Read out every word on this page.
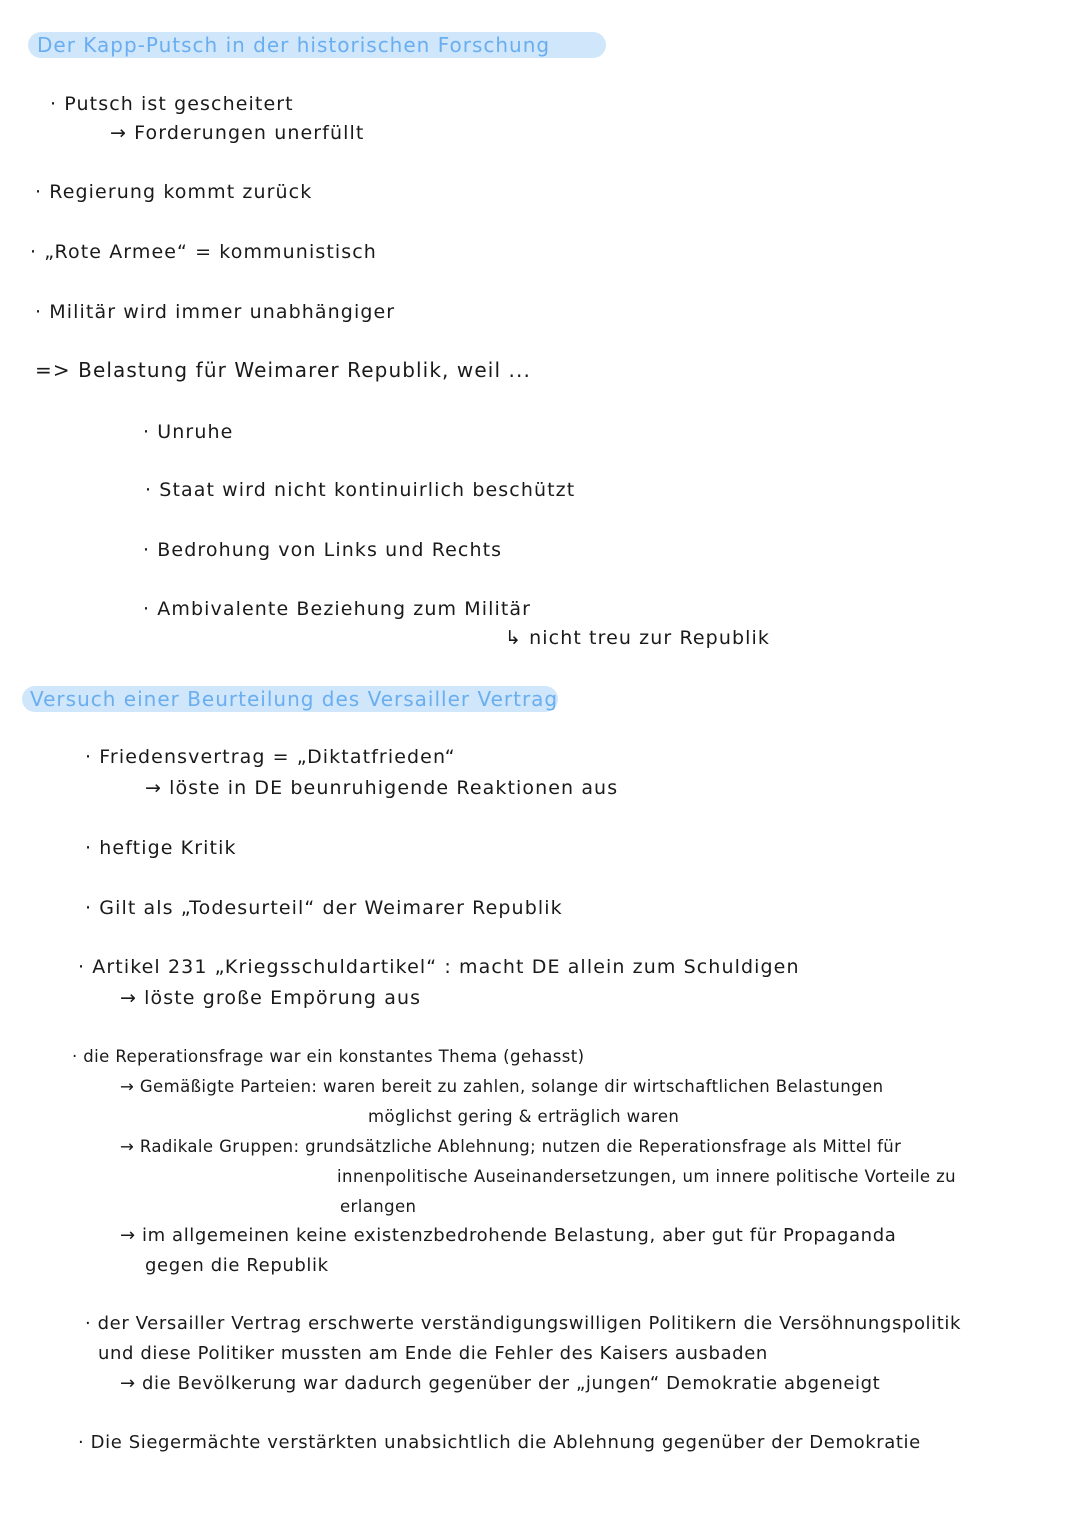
Der Kapp-Putsch in der historischen Forschung
· Putsch ist gescheitert
→ Forderungen unerfüllt
· Regierung kommt zurück
· „Rote Armee“ = kommunistisch
· Militär wird immer unabhängiger
=> Belastung für Weimarer Republik, weil ...
· Unruhe
· Staat wird nicht kontinuirlich beschützt
· Bedrohung von Links und Rechts
· Ambivalente Beziehung zum Militär
↳ nicht treu zur Republik
Versuch einer Beurteilung des Versailler Vertrag
· Friedensvertrag = „Diktatfrieden“
→ löste in DE beunruhigende Reaktionen aus
· heftige Kritik
· Gilt als „Todesurteil“ der Weimarer Republik
· Artikel 231 „Kriegsschuldartikel“ : macht DE allein zum Schuldigen
→ löste große Empörung aus
· die Reperationsfrage war ein konstantes Thema (gehasst)
→ Gemäßigte Parteien: waren bereit zu zahlen, solange dir wirtschaftlichen Belastungen
möglichst gering & erträglich waren
→ Radikale Gruppen: grundsätzliche Ablehnung; nutzen die Reperationsfrage als Mittel für
innenpolitische Auseinandersetzungen, um innere politische Vorteile zu
erlangen
→ im allgemeinen keine existenzbedrohende Belastung, aber gut für Propaganda
gegen die Republik
· der Versailler Vertrag erschwerte verständigungswilligen Politikern die Versöhnungspolitik
und diese Politiker mussten am Ende die Fehler des Kaisers ausbaden
→ die Bevölkerung war dadurch gegenüber der „jungen“ Demokratie abgeneigt
· Die Siegermächte verstärkten unabsichtlich die Ablehnung gegenüber der Demokratie
